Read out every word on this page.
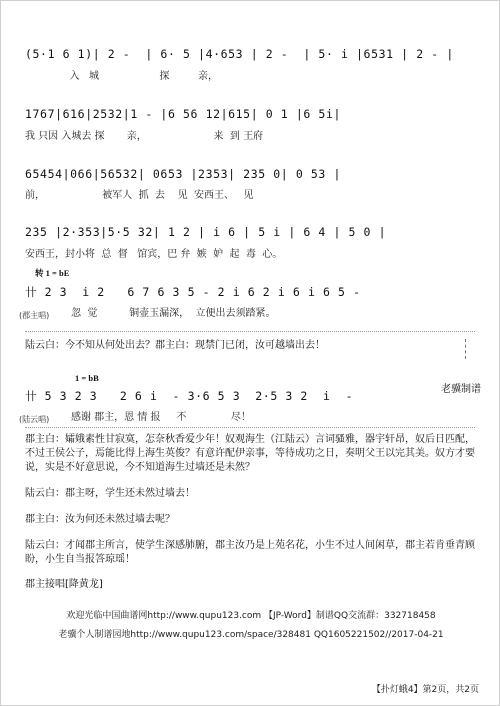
(5·1 6 1)| 2 -  | 6· 5 |4·653 | 2 -  | 5· i |6531 | 2 - |
入   城                   探         亲，
1767|616|2532|1 - |6 56 12|615| 0 1 |6 5i|
我 只因 入城去 探       亲，                     来  到 王府
65454|066|56532| 0653 |2353| 235 0| 0 53 |
前，                  被军人  抓  去    见  安西王、   见
235 |2·353|5·5 32| 1 2 | i 6 | 5 i | 6 4 | 5 0 |
安西王，封小将  总  督   馆宾，巴 弁  嫉  妒  起  毒  心。
转 1 = bE
卄 2 3  i 2   6 7 6 3 5 - 2 i 6 2 i 6 i 6 5 -
(郡主唱) 忽  觉          铜壶玉漏深，  立便出去须踏紧。
陆云白：今不知从何处出去？郡主白：现禁门已闭，汝可越墙出去！
1 = bB
卄 5 3 2 3   2 6 i  - 3·6 5 3  2·5 3 2  i  -
(陆云唱) 感谢 郡主，恩 情 报     不              尽！
老骥制谱
郡主白：孀娥素性甘寂寞，怎奈秋香爱少年！奴观海生（江陆云）言词骚雅，器宇轩昂，奴后日匹配，不过王侯公子，焉能比得上海生英俊？有意许配伊亲事，等待成功之日，奏明父王以完其美。奴方才要说，实是不好意思说，今不知道海生过墙还是未然？
陆云白：郡主呀，学生还未然过墙去！
郡主白：汝为何还未然过墙去呢？
陆云白：才闻郡主所言，使学生深感肺腑，郡主汝乃是上苑名花，小生不过人间闲草，郡主若肯垂青顾盼，小生自当报答琼瑶！
郡主接唱[降黄龙]
欢迎光临中国曲谱网http://www.qupu123.com 【JP-Word】制谱QQ交流群：332718458
老骥个人制谱园地http://www.qupu123.com/space/328481 QQ1605221502//2017-04-21
【扑灯蛾4】第2页，共2页
